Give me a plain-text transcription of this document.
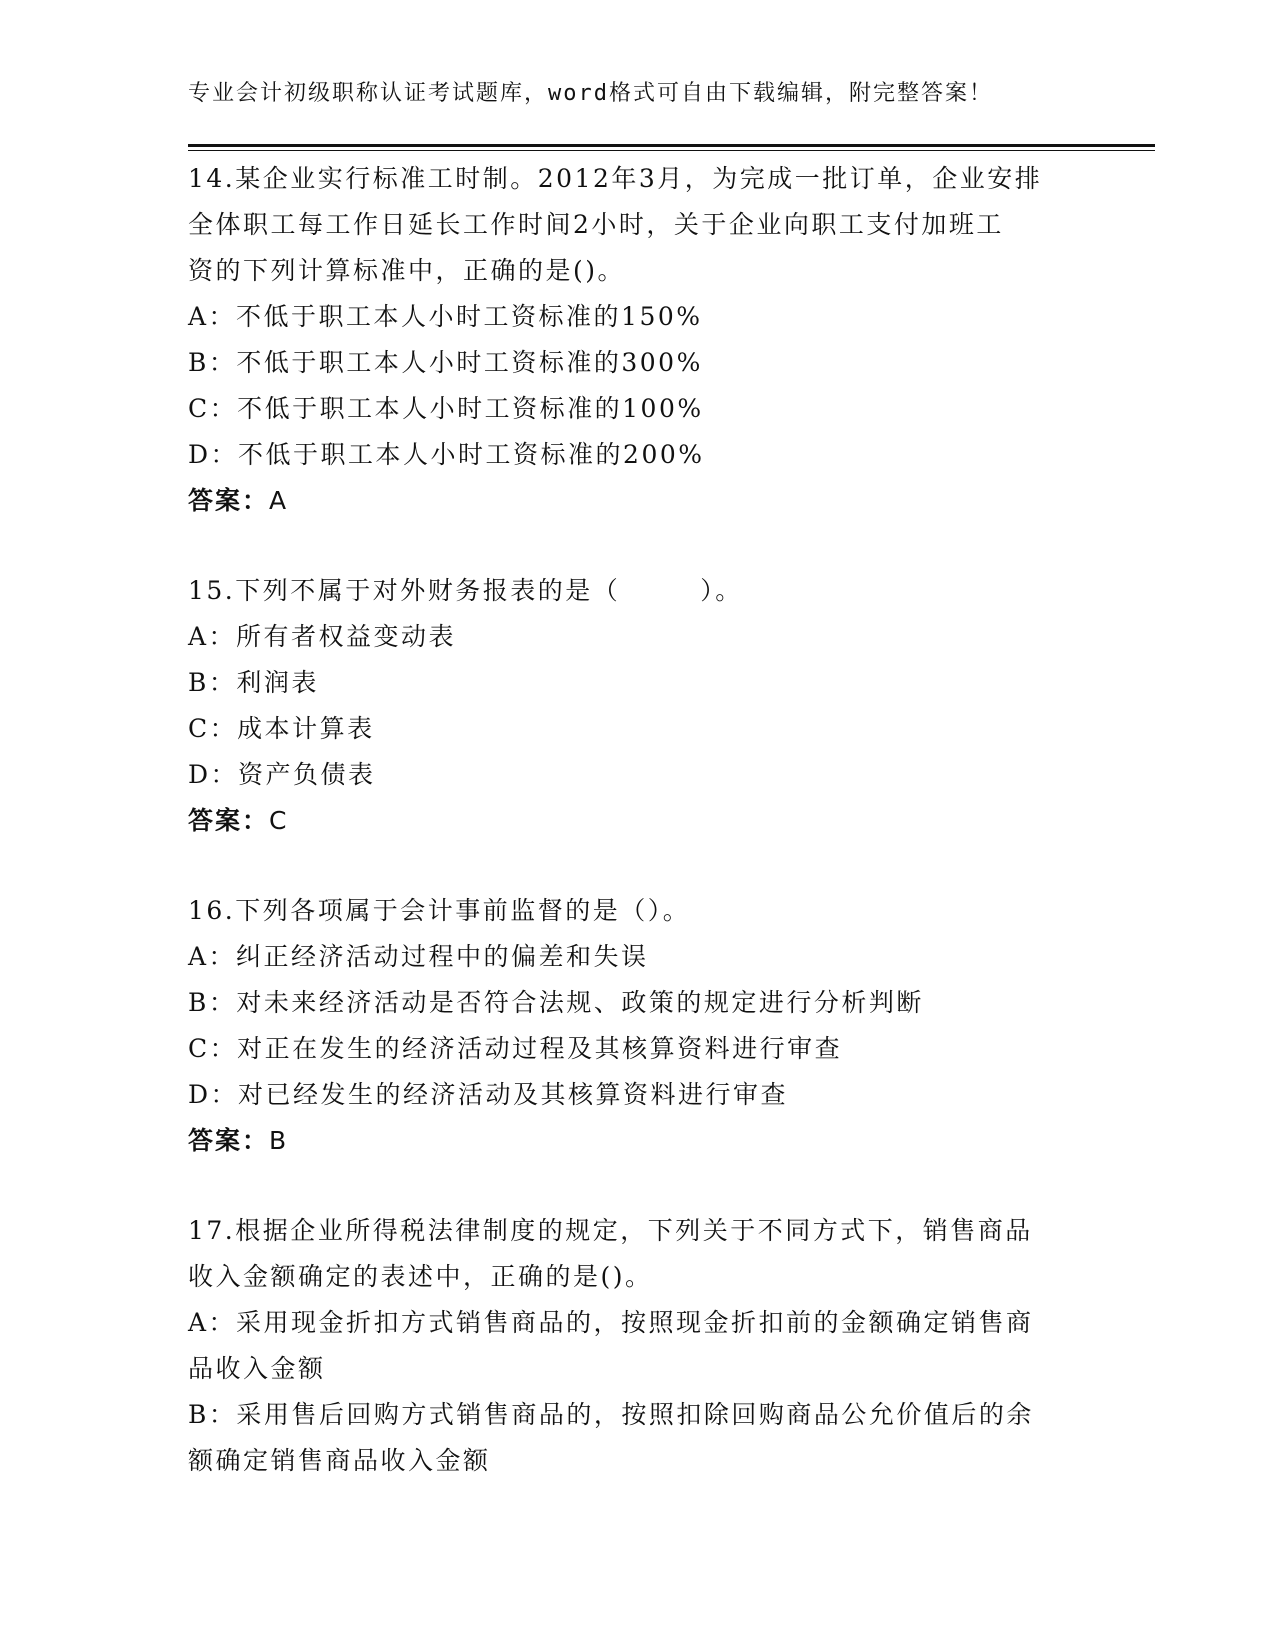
专业会计初级职称认证考试题库，word格式可自由下载编辑，附完整答案！
14.某企业实行标准工时制。2012年3月，为完成一批订单，企业安排
全体职工每工作日延长工作时间2小时，关于企业向职工支付加班工
资的下列计算标准中，正确的是()。
A：不低于职工本人小时工资标准的150%
B：不低于职工本人小时工资标准的300%
C：不低于职工本人小时工资标准的100%
D：不低于职工本人小时工资标准的200%
答案：A
15.下列不属于对外财务报表的是（	）。
A：所有者权益变动表
B：利润表
C：成本计算表
D：资产负债表
答案：C
16.下列各项属于会计事前监督的是（）。
A：纠正经济活动过程中的偏差和失误
B：对未来经济活动是否符合法规、政策的规定进行分析判断
C：对正在发生的经济活动过程及其核算资料进行审查
D：对已经发生的经济活动及其核算资料进行审查
答案：B
17.根据企业所得税法律制度的规定，下列关于不同方式下，销售商品
收入金额确定的表述中，正确的是()。
A：采用现金折扣方式销售商品的，按照现金折扣前的金额确定销售商
品收入金额
B：采用售后回购方式销售商品的，按照扣除回购商品公允价值后的余
额确定销售商品收入金额
